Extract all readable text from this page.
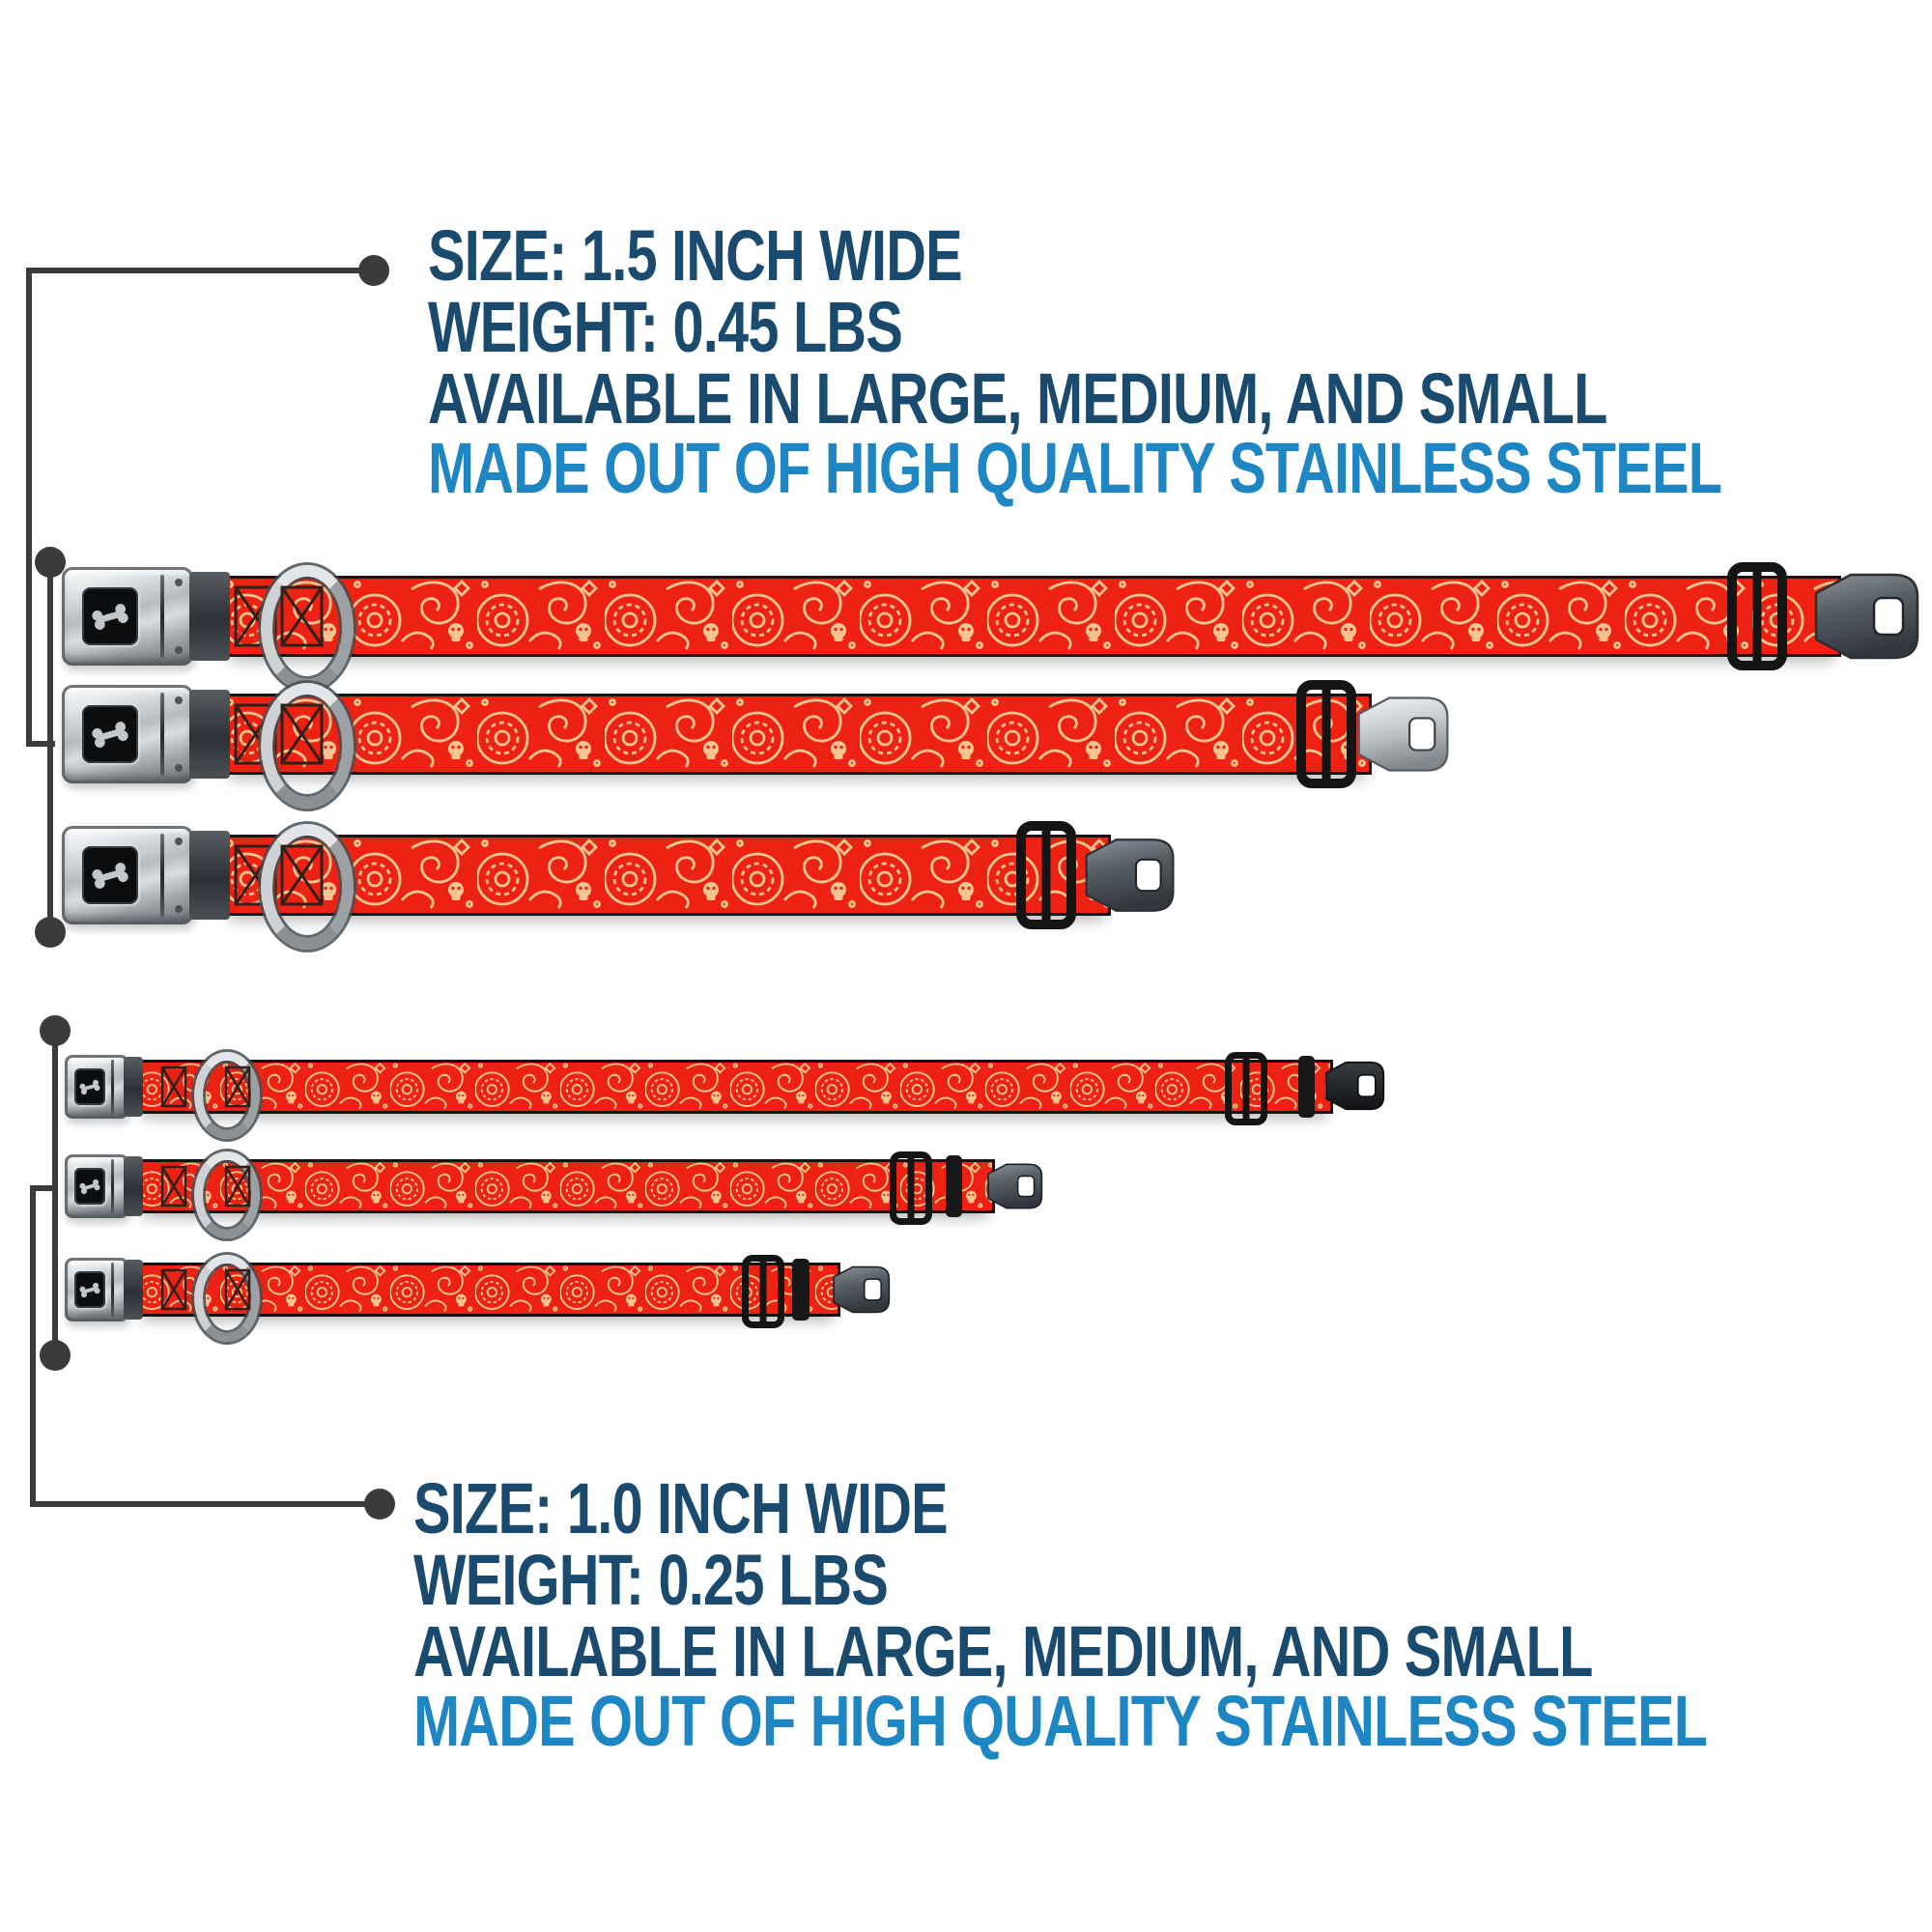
SIZE: 1.5 INCH WIDE
WEIGHT: 0.45 LBS
AVAILABLE IN LARGE, MEDIUM, AND SMALL
MADE OUT OF HIGH QUALITY STAINLESS STEEL
SIZE: 1.0 INCH WIDE
WEIGHT: 0.25 LBS
AVAILABLE IN LARGE, MEDIUM, AND SMALL
MADE OUT OF HIGH QUALITY STAINLESS STEEL
